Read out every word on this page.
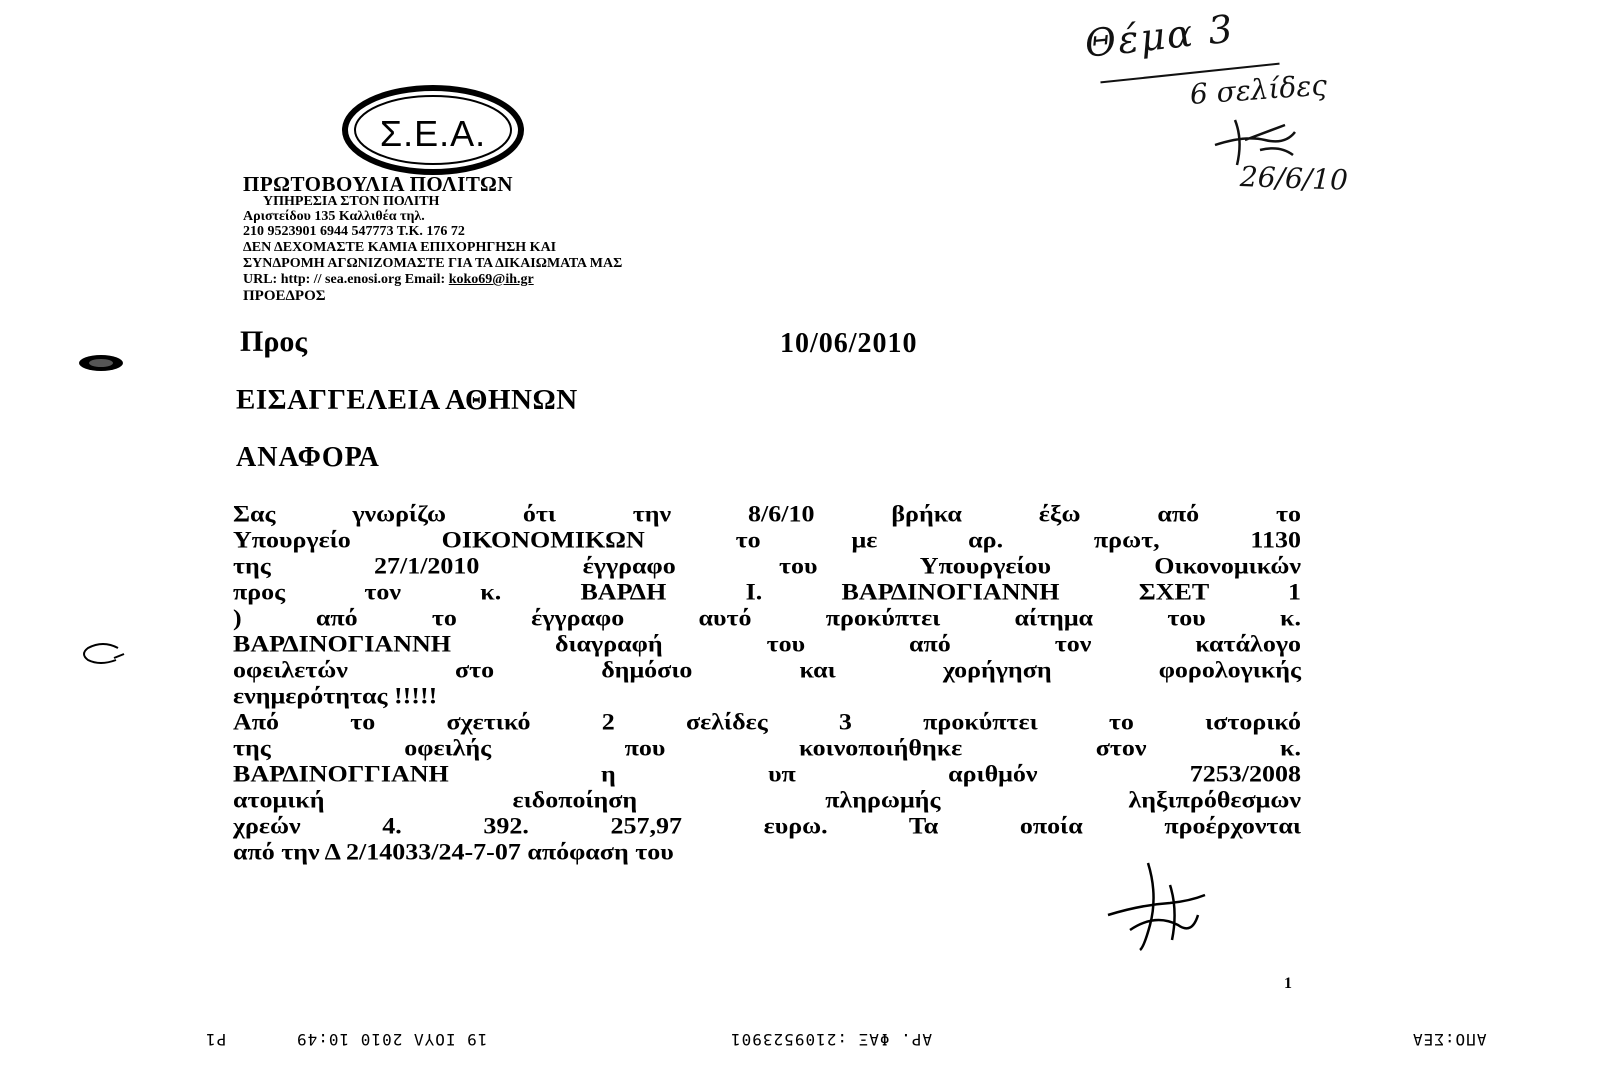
Θέμα 3
6 σελίδες
26/6/10
Σ.Ε.Α.
ΠΡΩΤΟΒΟΥΛΙΑ ΠΟΛΙΤΩΝ
ΥΠΗΡΕΣΙΑ ΣΤΟΝ ΠΟΛΙΤΗ
Αριστείδου 135 Καλλιθέα τηλ.
210 9523901 6944 547773 Τ.Κ. 176 72
ΔΕΝ ΔΕΧΟΜΑΣΤΕ ΚΑΜΙΑ ΕΠΙΧΟΡΗΓΗΣΗ ΚΑΙ
ΣΥΝΔΡΟΜΗ ΑΓΩΝΙΖΟΜΑΣΤΕ ΓΙΑ ΤΑ ΔΙΚΑΙΩΜΑΤΑ ΜΑΣ
URL: http: // sea.enosi.org Email: koko69@ih.gr
ΠΡΟΕΔΡΟΣ
Προς	10/06/2010
ΕΙΣΑΓΓΕΛΕΙΑ ΑΘΗΝΩΝ
ΑΝΑΦΟΡΑ
Σας γνωρίζω ότι την 8/6/10 βρήκα έξω από το
Υπουργείο ΟΙΚΟΝΟΜΙΚΩΝ το με αρ. πρωτ, 1130
της 27/1/2010 έγγραφο του Υπουργείου Οικονομικών
προς τον κ. ΒΑΡΔΗ Ι. ΒΑΡΔΙΝΟΓΙΑΝΝΗ ΣΧΕΤ 1
) από το έγγραφο αυτό προκύπτει αίτημα του κ.
ΒΑΡΔΙΝΟΓΙΑΝΝΗ διαγραφή του από τον κατάλογο
οφειλετών στο δημόσιο και χορήγηση φορολογικής
ενημερότητας !!!!!
Από το σχετικό 2 σελίδες 3 προκύπτει το ιστορικό
της οφειλής που κοινοποιήθηκε στον κ.
ΒΑΡΔΙΝΟΓΓΙΑΝΗ η υπ αριθμόν 7253/2008
ατομική ειδοποίηση πληρωμής ληξιπρόθεσμων
χρεών 4. 392. 257,97 ευρω. Τα οποία προέρχονται
από την Δ 2/14033/24-7-07 απόφαση του
1
ΑΠΟ:ΣΕΑ
ΑΡ. ΦΑΞ :2109523901
19 ΙΟΥΛ 2010 10:49
Ρ1
